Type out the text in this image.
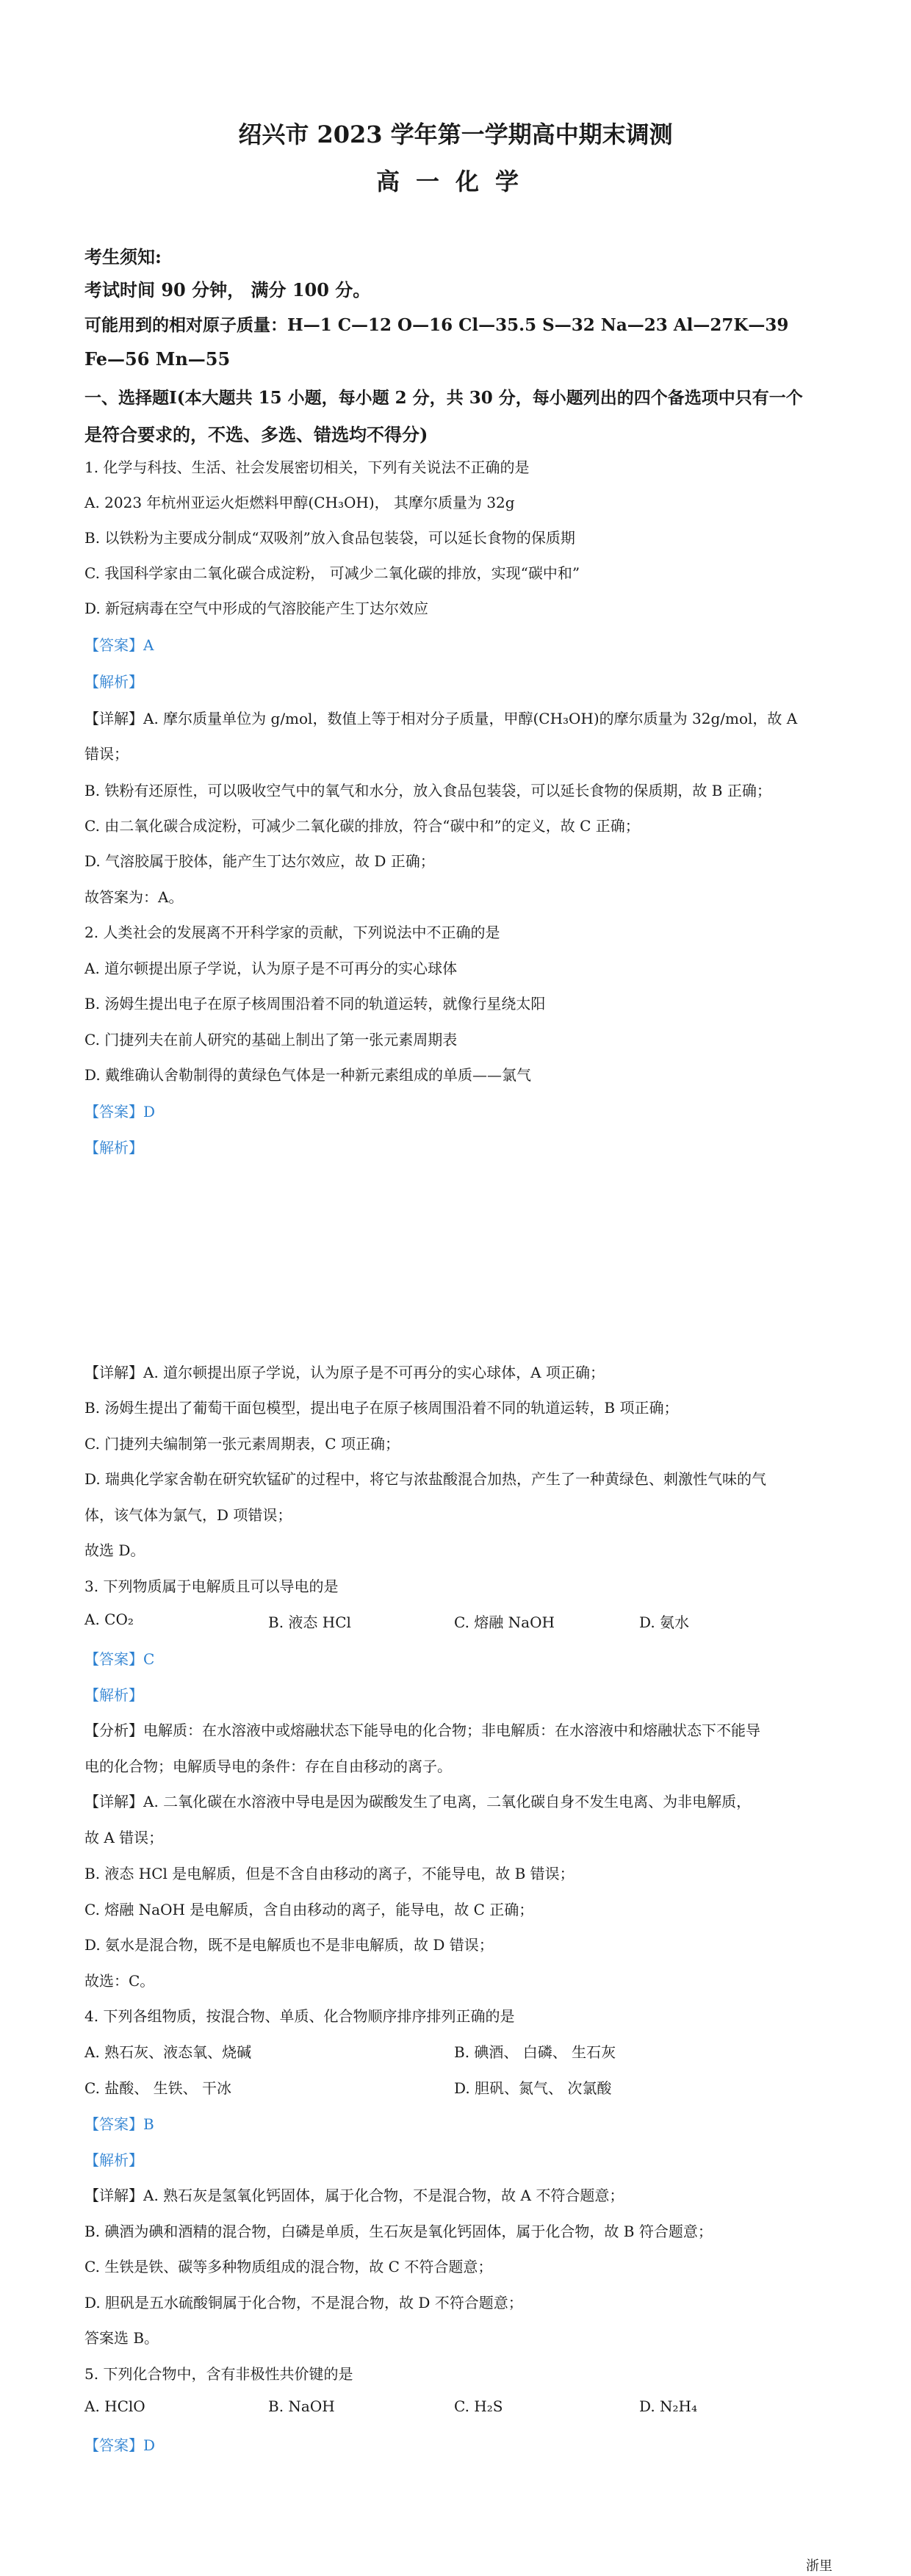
绍兴市 2023 学年第一学期高中期末调测
高一化学
考生须知:
考试时间 90 分钟， 满分 100 分。
可能用到的相对原子质量：H—1 C—12 O—16 Cl—35.5 S—32 Na—23 Al—27K—39
Fe—56 Mn—55
一、选择题Ⅰ(本大题共 15 小题，每小题 2 分，共 30 分，每小题列出的四个备选项中只有一个
是符合要求的，不选、多选、错选均不得分)
1. 化学与科技、生活、社会发展密切相关，下列有关说法不正确的是
A. 2023 年杭州亚运火炬燃料甲醇(CH₃OH)， 其摩尔质量为 32g
B. 以铁粉为主要成分制成“双吸剂”放入食品包装袋，可以延长食物的保质期
C. 我国科学家由二氧化碳合成淀粉， 可减少二氧化碳的排放，实现“碳中和”
D. 新冠病毒在空气中形成的气溶胶能产生丁达尔效应
【答案】A
【解析】
【详解】A. 摩尔质量单位为 g/mol，数值上等于相对分子质量，甲醇(CH₃OH)的摩尔质量为 32g/mol，故 A
错误；
B. 铁粉有还原性，可以吸收空气中的氧气和水分，放入食品包装袋，可以延长食物的保质期，故 B 正确；
C. 由二氧化碳合成淀粉，可减少二氧化碳的排放，符合“碳中和”的定义，故 C 正确；
D. 气溶胶属于胶体，能产生丁达尔效应，故 D 正确；
故答案为：A。
2. 人类社会的发展离不开科学家的贡献，下列说法中不正确的是
A. 道尔顿提出原子学说，认为原子是不可再分的实心球体
B. 汤姆生提出电子在原子核周围沿着不同的轨道运转，就像行星绕太阳
C. 门捷列夫在前人研究的基础上制出了第一张元素周期表
D. 戴维确认舍勒制得的黄绿色气体是一种新元素组成的单质——氯气
【答案】D
【解析】
【详解】A. 道尔顿提出原子学说，认为原子是不可再分的实心球体，A 项正确；
B. 汤姆生提出了葡萄干面包模型，提出电子在原子核周围沿着不同的轨道运转，B 项正确；
C. 门捷列夫编制第一张元素周期表，C 项正确；
D. 瑞典化学家舍勒在研究软锰矿的过程中，将它与浓盐酸混合加热，产生了一种黄绿色、刺激性气味的气
体，该气体为氯气，D 项错误；
故选 D。
3. 下列物质属于电解质且可以导电的是
A. CO₂	B. 液态 HCl	C. 熔融 NaOH	D. 氨水
【答案】C
【解析】
【分析】电解质：在水溶液中或熔融状态下能导电的化合物；非电解质：在水溶液中和熔融状态下不能导
电的化合物；电解质导电的条件：存在自由移动的离子。
【详解】A. 二氧化碳在水溶液中导电是因为碳酸发生了电离，二氧化碳自身不发生电离、为非电解质，
故 A 错误；
B. 液态 HCl 是电解质，但是不含自由移动的离子，不能导电，故 B 错误；
C. 熔融 NaOH 是电解质，含自由移动的离子，能导电，故 C 正确；
D. 氨水是混合物，既不是电解质也不是非电解质，故 D 错误；
故选：C。
4. 下列各组物质，按混合物、单质、化合物顺序排序排列正确的是
A. 熟石灰、液态氧、烧碱	B. 碘酒、 白磷、 生石灰
C. 盐酸、 生铁、 干冰	D. 胆矾、氮气、 次氯酸
【答案】B
【解析】
【详解】A. 熟石灰是氢氧化钙固体，属于化合物，不是混合物，故 A 不符合题意；
B. 碘酒为碘和酒精的混合物，白磷是单质，生石灰是氧化钙固体，属于化合物，故 B 符合题意；
C. 生铁是铁、碳等多种物质组成的混合物，故 C 不符合题意；
D. 胆矾是五水硫酸铜属于化合物，不是混合物，故 D 不符合题意；
答案选 B。
5. 下列化合物中，含有非极性共价键的是
A. HClO	B. NaOH	C. H₂S	D. N₂H₄
【答案】D
浙里
